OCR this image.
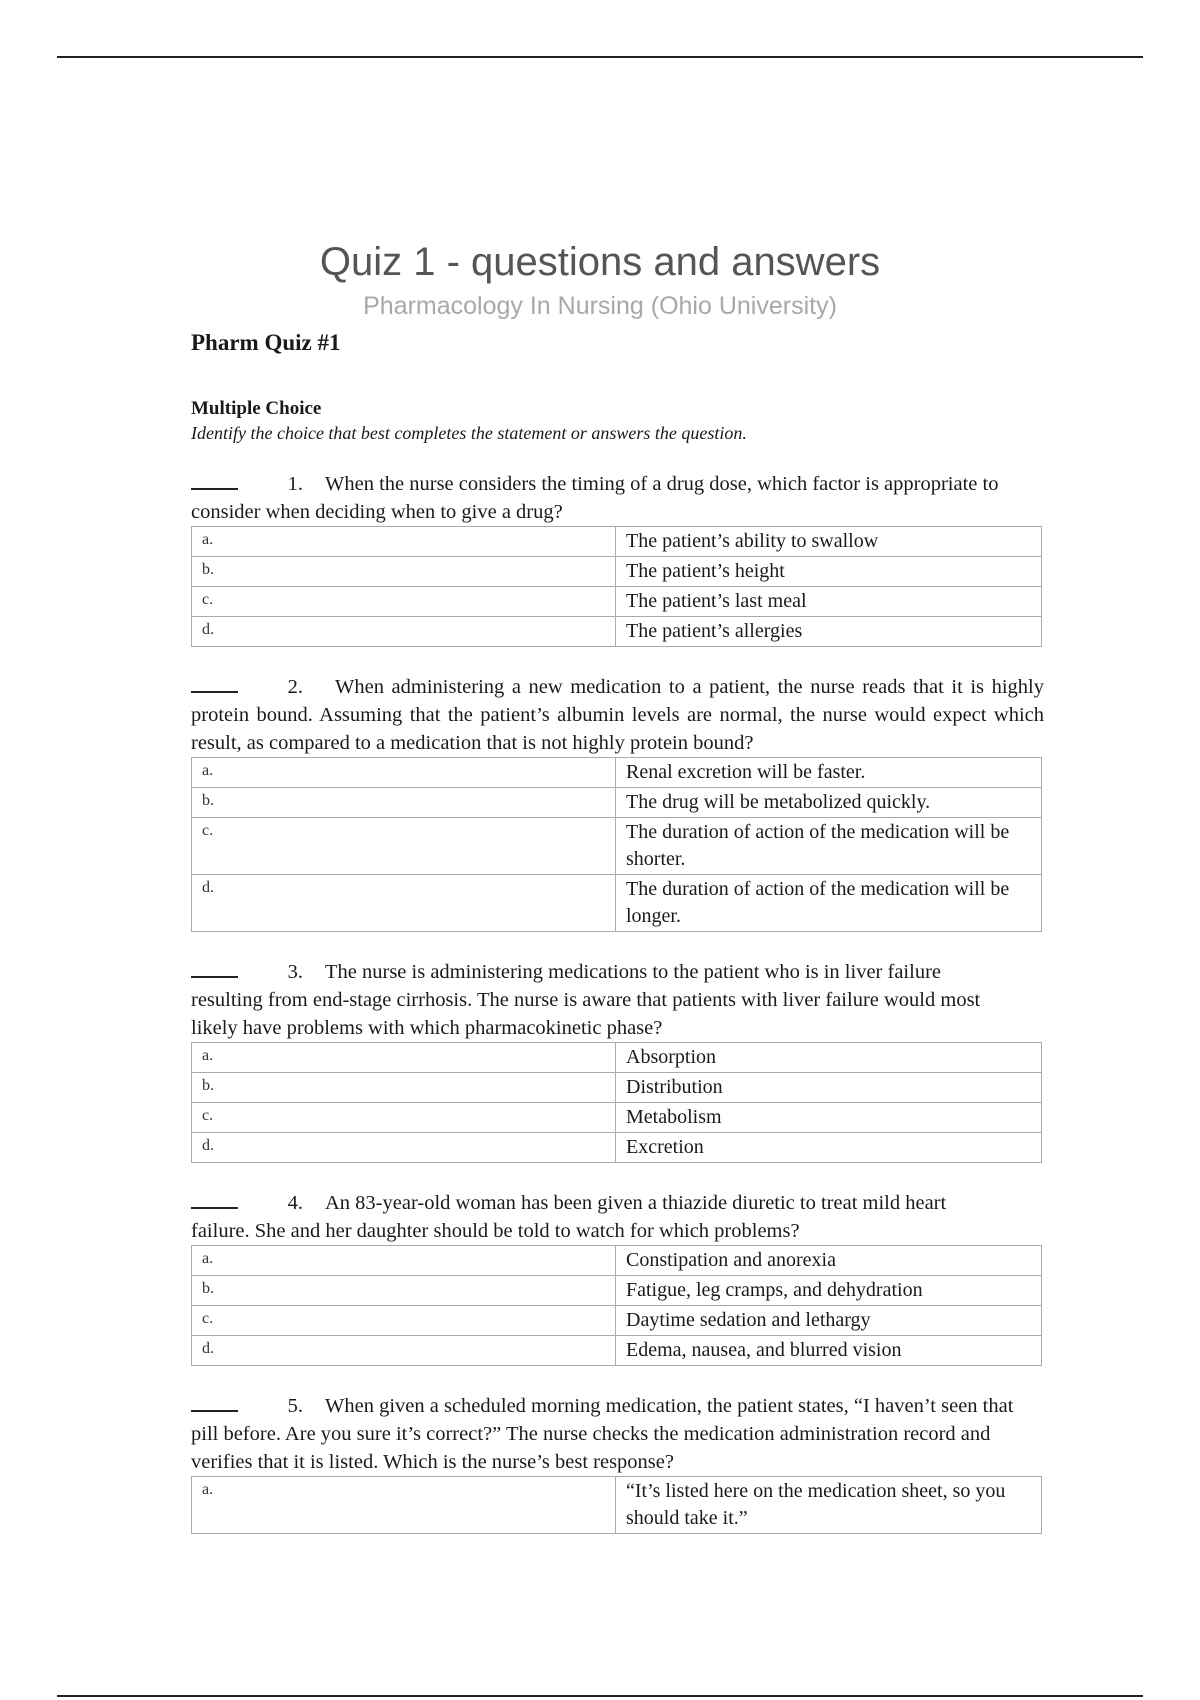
Quiz 1 - questions and answers
Pharmacology In Nursing (Ohio University)

Pharm Quiz #1

Multiple Choice

Identify the choice that best completes the statement or answers the question.

1. When the nurse considers the timing of a drug dose, which factor is appropriate to consider when deciding when to give a drug?
a.	The patient’s ability to swallow
b.	The patient’s height
c.	The patient’s last meal
d.	The patient’s allergies
2. When administering a new medication to a patient, the nurse reads that it is highly protein bound. Assuming that the patient’s albumin levels are normal, the nurse would expect which result, as compared to a medication that is not highly protein bound?
a.	Renal excretion will be faster.
b.	The drug will be metabolized quickly.
c.	The duration of action of the medication will be shorter.
d.	The duration of action of the medication will be longer.
3. The nurse is administering medications to the patient who is in liver failure resulting from end-stage cirrhosis. The nurse is aware that patients with liver failure would most likely have problems with which pharmacokinetic phase?
a.	Absorption
b.	Distribution
c.	Metabolism
d.	Excretion
4. An 83-year-old woman has been given a thiazide diuretic to treat mild heart failure. She and her daughter should be told to watch for which problems?
a.	Constipation and anorexia
b.	Fatigue, leg cramps, and dehydration
c.	Daytime sedation and lethargy
d.	Edema, nausea, and blurred vision
5. When given a scheduled morning medication, the patient states, “I haven’t seen that pill before. Are you sure it’s correct?” The nurse checks the medication administration record and verifies that it is listed. Which is the nurse’s best response?
a.	“It’s listed here on the medication sheet, so you should take it.”
